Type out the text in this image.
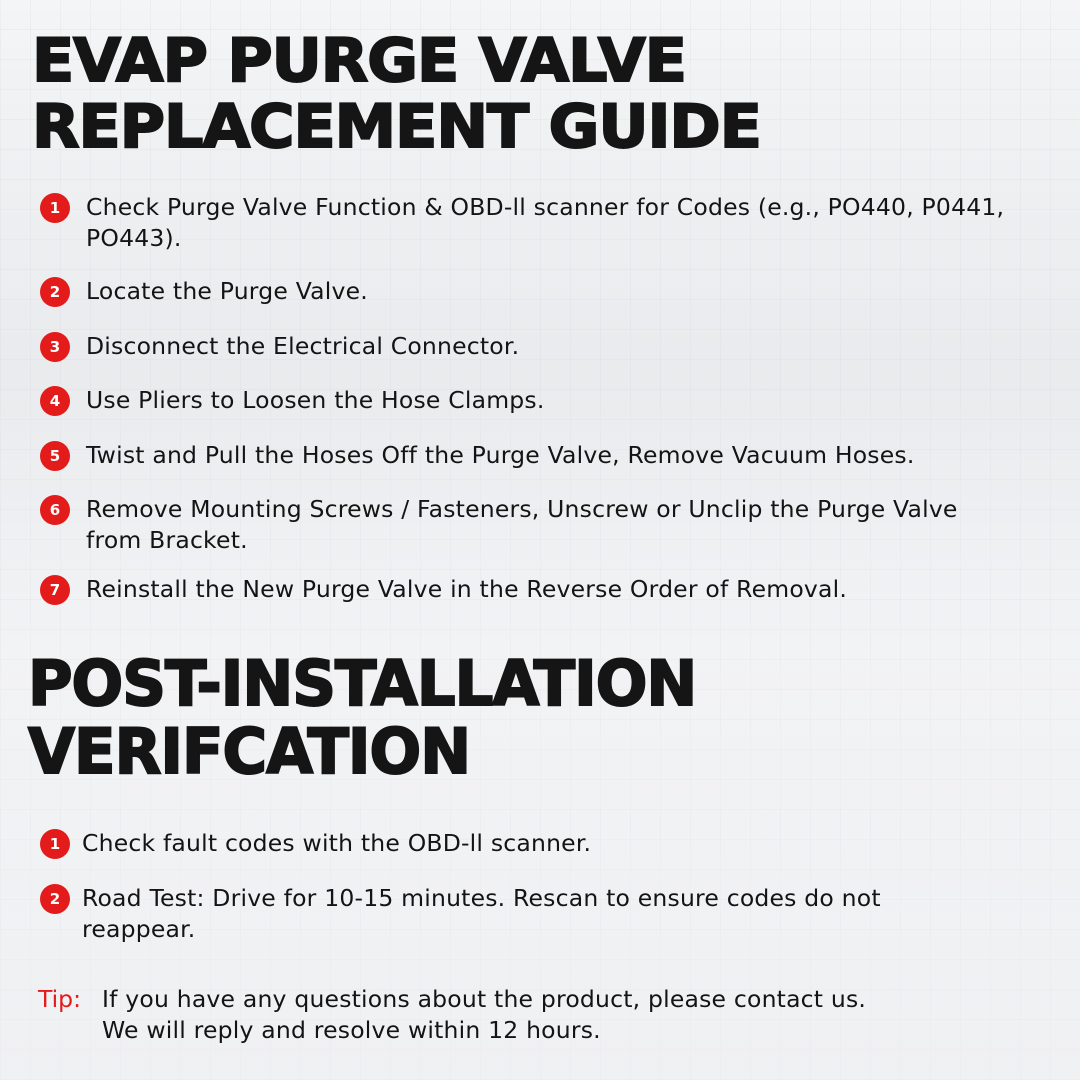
EVAP PURGE VALVE
REPLACEMENT GUIDE
1	Check Purge Valve Function & OBD-ll scanner for Codes (e.g., PO440, P0441, PO443).
2	Locate the Purge Valve.
3	Disconnect the Electrical Connector.
4	Use Pliers to Loosen the Hose Clamps.
5	Twist and Pull the Hoses Off the Purge Valve, Remove Vacuum Hoses.
6	Remove Mounting Screws / Fasteners, Unscrew or Unclip the Purge Valve from Bracket.
7	Reinstall the New Purge Valve in the Reverse Order of Removal.
POST-INSTALLATION
VERIFCATION
1 Check fault codes with the OBD-ll scanner.
2 Road Test: Drive for 10-15 minutes. Rescan to ensure codes do not reappear.
Tip: If you have any questions about the product, please contact us.
We will reply and resolve within 12 hours.
